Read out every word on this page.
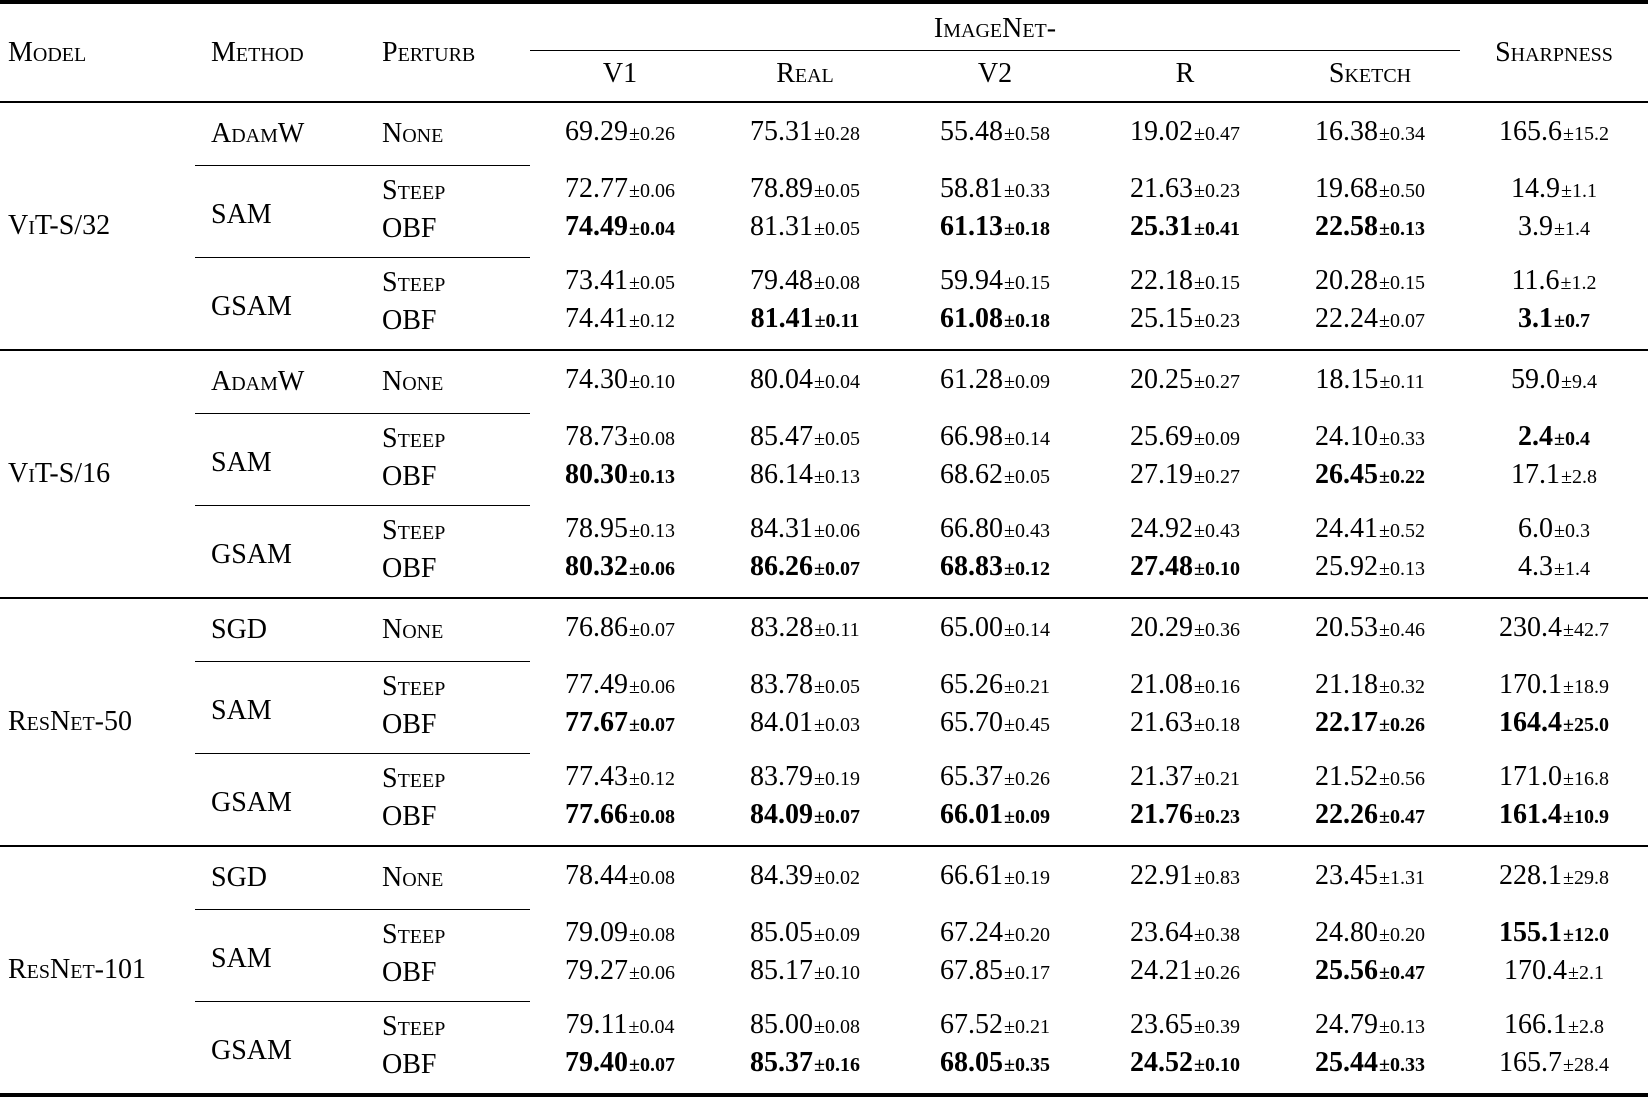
Model	Method	Perturb	ImageNet-					Sharpness
			V1	Real	V2	R	Sketch	
ViT-S/32	AdamW	None	69.29±0.26	75.31±0.28	55.48±0.58	19.02±0.47	16.38±0.34	165.6±15.2
	SAM	Steep	72.77±0.06	78.89±0.05	58.81±0.33	21.63±0.23	19.68±0.50	14.9±1.1
		OBF	74.49±0.04	81.31±0.05	61.13±0.18	25.31±0.41	22.58±0.13	3.9±1.4
	GSAM	Steep	73.41±0.05	79.48±0.08	59.94±0.15	22.18±0.15	20.28±0.15	11.6±1.2
		OBF	74.41±0.12	81.41±0.11	61.08±0.18	25.15±0.23	22.24±0.07	3.1±0.7
ViT-S/16	AdamW	None	74.30±0.10	80.04±0.04	61.28±0.09	20.25±0.27	18.15±0.11	59.0±9.4
	SAM	Steep	78.73±0.08	85.47±0.05	66.98±0.14	25.69±0.09	24.10±0.33	2.4±0.4
		OBF	80.30±0.13	86.14±0.13	68.62±0.05	27.19±0.27	26.45±0.22	17.1±2.8
	GSAM	Steep	78.95±0.13	84.31±0.06	66.80±0.43	24.92±0.43	24.41±0.52	6.0±0.3
		OBF	80.32±0.06	86.26±0.07	68.83±0.12	27.48±0.10	25.92±0.13	4.3±1.4
ResNet-50	SGD	None	76.86±0.07	83.28±0.11	65.00±0.14	20.29±0.36	20.53±0.46	230.4±42.7
	SAM	Steep	77.49±0.06	83.78±0.05	65.26±0.21	21.08±0.16	21.18±0.32	170.1±18.9
		OBF	77.67±0.07	84.01±0.03	65.70±0.45	21.63±0.18	22.17±0.26	164.4±25.0
	GSAM	Steep	77.43±0.12	83.79±0.19	65.37±0.26	21.37±0.21	21.52±0.56	171.0±16.8
		OBF	77.66±0.08	84.09±0.07	66.01±0.09	21.76±0.23	22.26±0.47	161.4±10.9
ResNet-101	SGD	None	78.44±0.08	84.39±0.02	66.61±0.19	22.91±0.83	23.45±1.31	228.1±29.8
	SAM	Steep	79.09±0.08	85.05±0.09	67.24±0.20	23.64±0.38	24.80±0.20	155.1±12.0
		OBF	79.27±0.06	85.17±0.10	67.85±0.17	24.21±0.26	25.56±0.47	170.4±2.1
	GSAM	Steep	79.11±0.04	85.00±0.08	67.52±0.21	23.65±0.39	24.79±0.13	166.1±2.8
		OBF	79.40±0.07	85.37±0.16	68.05±0.35	24.52±0.10	25.44±0.33	165.7±28.4
